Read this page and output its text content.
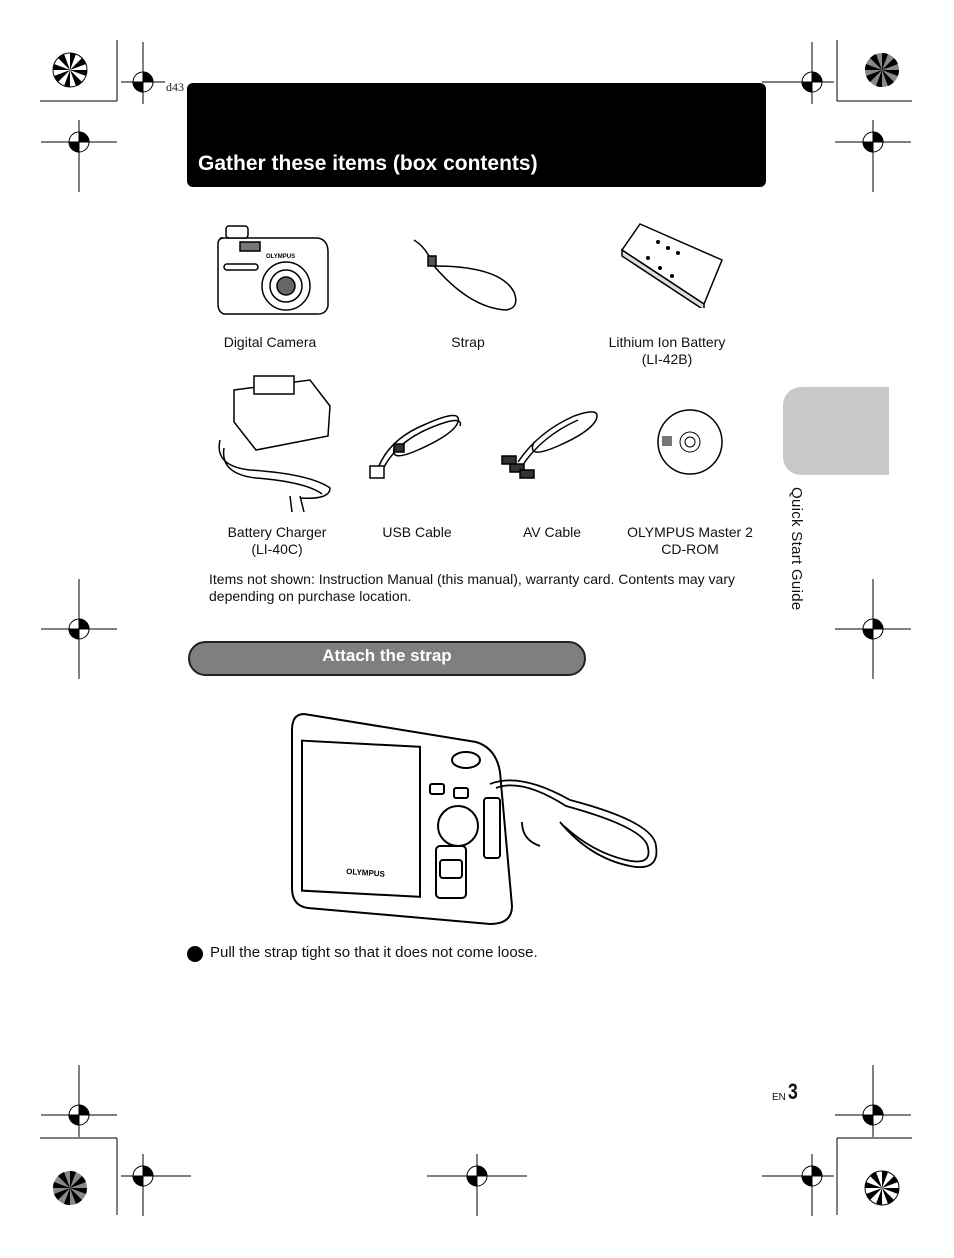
d43
Gather these items (box contents)
OLYMPUS
Digital Camera	Strap	Lithium Ion Battery
(LI-42B)
Battery Charger
(LI-40C)
USB Cable	AV Cable	OLYMPUS Master 2
CD-ROM
Items not shown: Instruction Manual (this manual), warranty card. Contents may vary depending on purchase location.
Attach the strap
OLYMPUS
Pull the strap tight so that it does not come loose.
Quick Start Guide
EN 3
